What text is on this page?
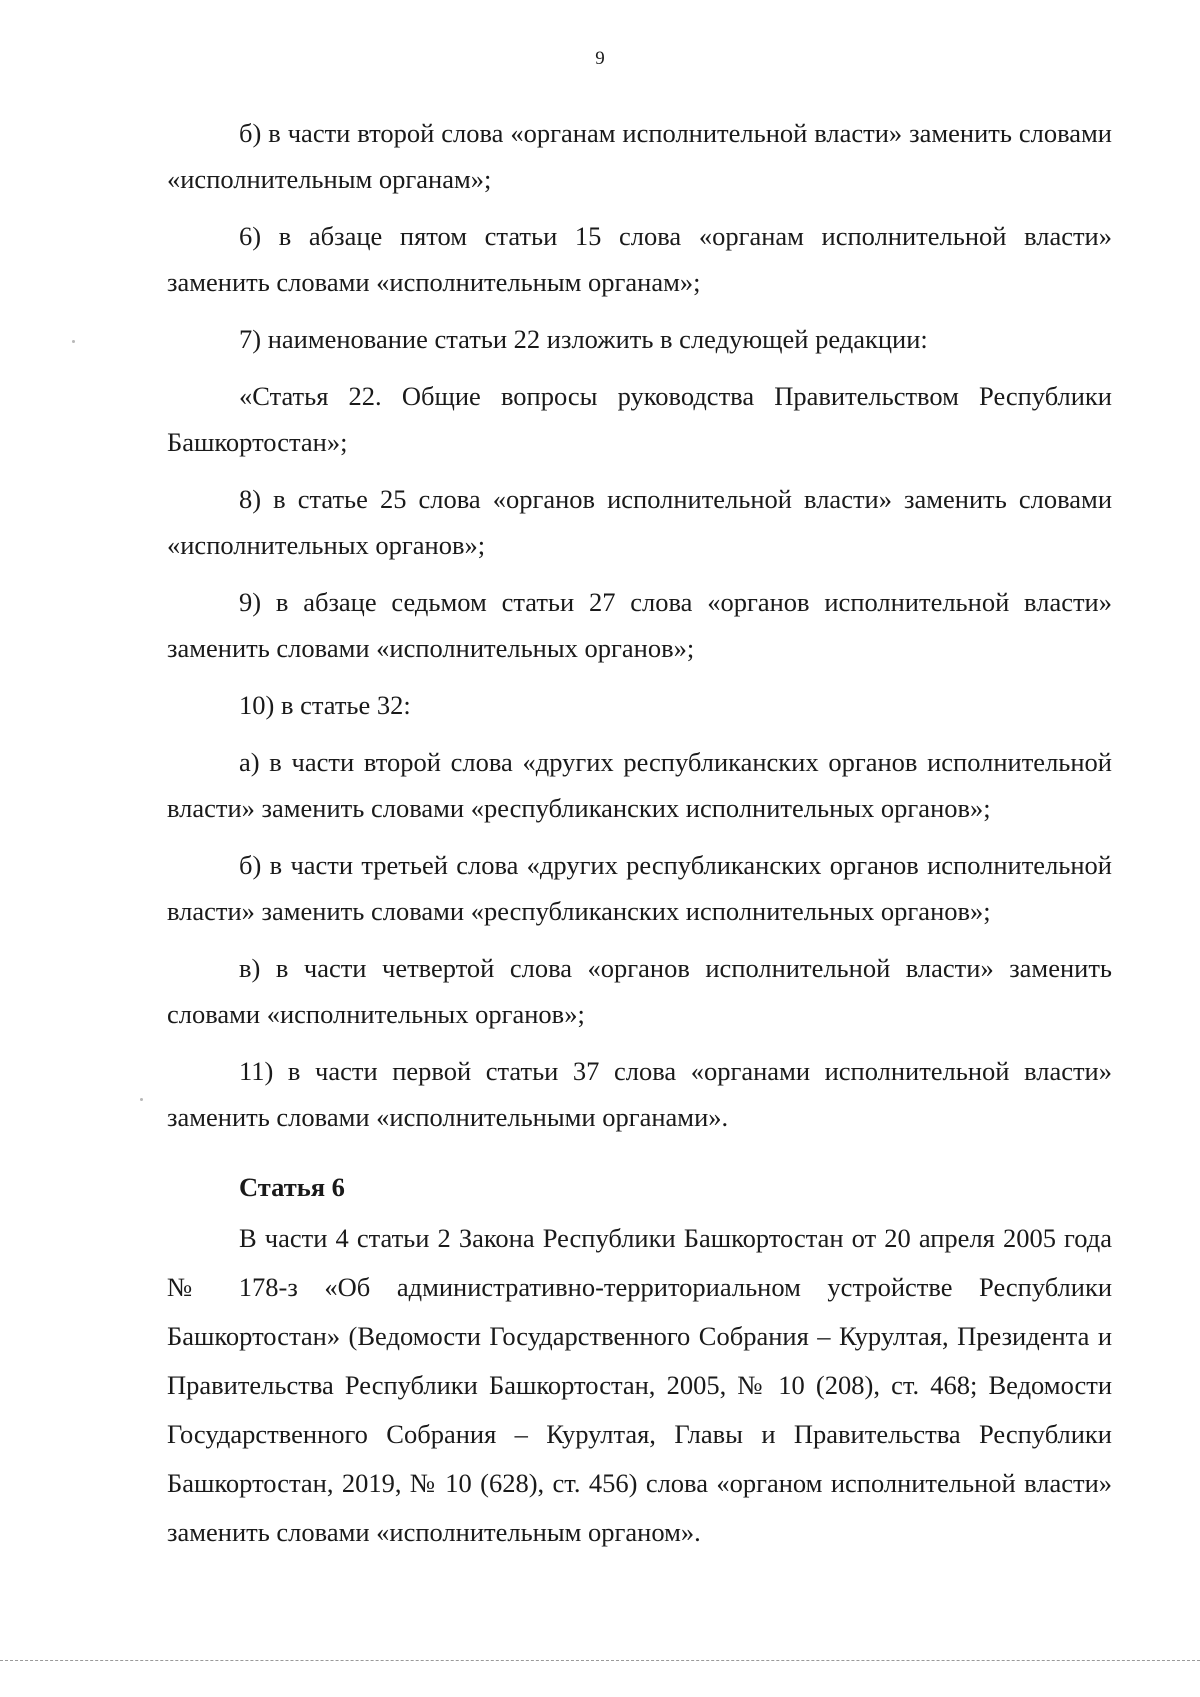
9

б) в части второй слова «органам исполнительной власти» заменить словами «исполнительным органам»;

6) в абзаце пятом статьи 15 слова «органам исполнительной власти» заменить словами «исполнительным органам»;

7) наименование статьи 22 изложить в следующей редакции:

«Статья 22. Общие вопросы руководства Правительством Республики Башкортостан»;

8) в статье 25 слова «органов исполнительной власти» заменить словами «исполнительных органов»;

9) в абзаце седьмом статьи 27 слова «органов исполнительной власти» заменить словами «исполнительных органов»;

10) в статье 32:

а) в части второй слова «других республиканских органов исполнительной власти» заменить словами «республиканских исполнительных органов»;

б) в части третьей слова «других республиканских органов исполнительной власти» заменить словами «республиканских исполнительных органов»;

в) в части четвертой слова «органов исполнительной власти» заменить словами «исполнительных органов»;

11) в части первой статьи 37 слова «органами исполнительной власти» заменить словами «исполнительными органами».

Статья 6

В части 4 статьи 2 Закона Республики Башкортостан от 20 апреля 2005 года № 178-з «Об административно-территориальном устройстве Республики Башкортостан» (Ведомости Государственного Собрания – Курултая, Президента и Правительства Республики Башкортостан, 2005, № 10 (208), ст. 468; Ведомости Государственного Собрания – Курултая, Главы и Правительства Республики Башкортостан, 2019, № 10 (628), ст. 456) слова «органом исполнительной власти» заменить словами «исполнительным органом».
